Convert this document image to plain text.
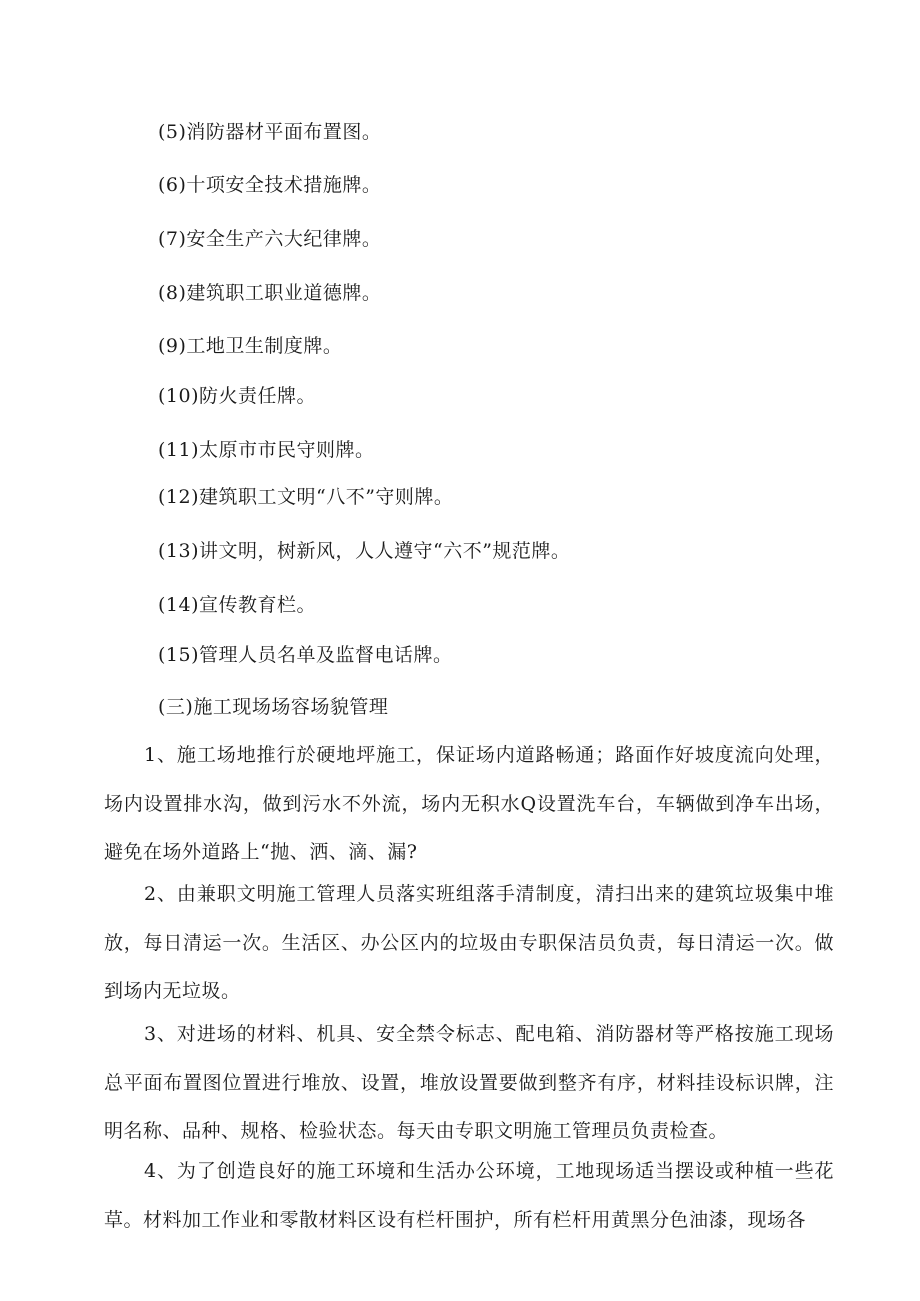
(5)消防器材平面布置图。
(6)十项安全技术措施牌。
(7)安全生产六大纪律牌。
(8)建筑职工职业道德牌。
(9)工地卫生制度牌。
(10)防火责任牌。
(11)太原市市民守则牌。
(12)建筑职工文明“八不”守则牌。
(13)讲文明，树新风，人人遵守“六不”规范牌。
(14)宣传教育栏。
(15)管理人员名单及监督电话牌。
(三)施工现场场容场貌管理
1、施工场地推行於硬地坪施工，保证场内道路畅通；路面作好坡度流向处理，场内设置排水沟，做到污水不外流，场内无积水Q设置洗车台，车辆做到净车出场，避免在场外道路上“抛、洒、滴、漏?
2、由兼职文明施工管理人员落实班组落手清制度，清扫出来的建筑垃圾集中堆放，每日清运一次。生活区、办公区内的垃圾由专职保洁员负责，每日清运一次。做到场内无垃圾。
3、对进场的材料、机具、安全禁令标志、配电箱、消防器材等严格按施工现场总平面布置图位置进行堆放、设置，堆放设置要做到整齐有序，材料挂设标识牌，注明名称、品种、规格、检验状态。每天由专职文明施工管理员负责检查。
4、为了创造良好的施工环境和生活办公环境，工地现场适当摆设或种植一些花草。材料加工作业和零散材料区设有栏杆围护，所有栏杆用黄黑分色油漆，现场各
